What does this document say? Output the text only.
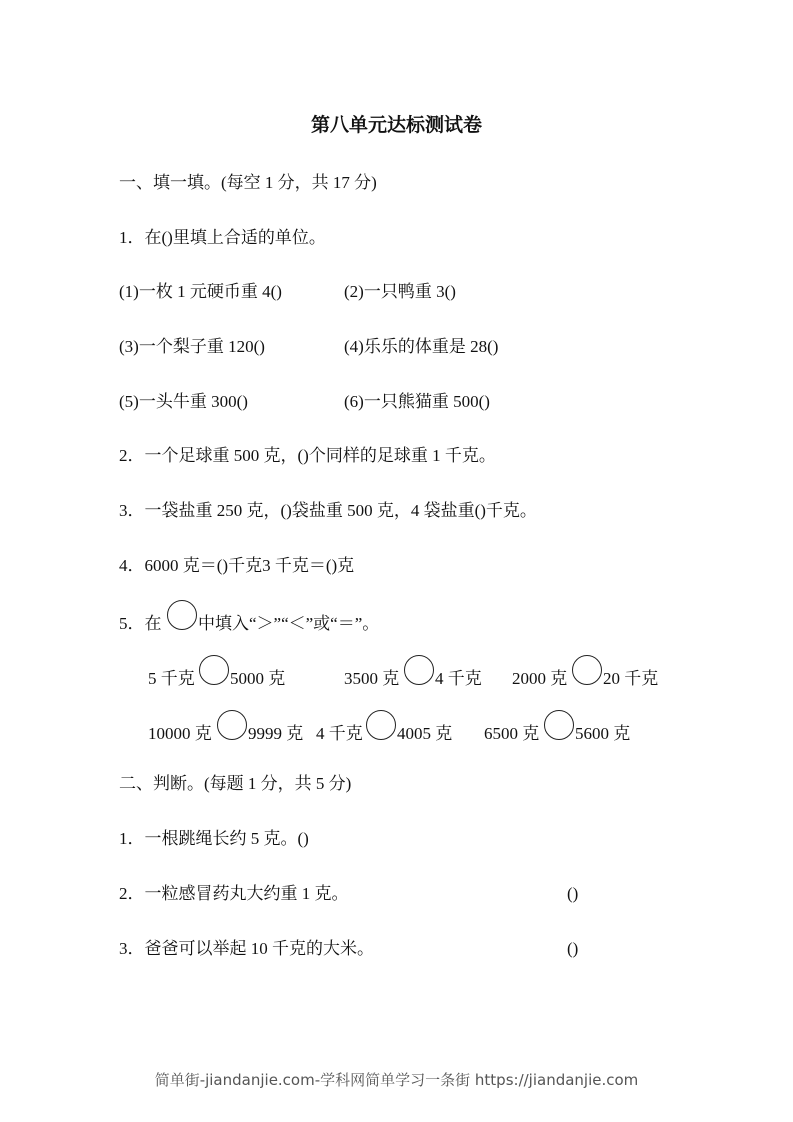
第八单元达标测试卷
一、填一填。(每空 1 分，共 17 分)
1．在()里填上合适的单位。
(1)一枚 1 元硬币重 4()	(2)一只鸭重 3()
(3)一个梨子重 120()	(4)乐乐的体重是 28()
(5)一头牛重 300()	(6)一只熊猫重 500()
2．一个足球重 500 克，()个同样的足球重 1 千克。
3．一袋盐重 250 克，()袋盐重 500 克，4 袋盐重()千克。
4．6000 克＝()千克3 千克＝()克
5．在 中填入“＞”“＜”或“＝”。
5 千克 5000 克	3500 克 4 千克 2000 克 20 千克
10000 克 9999 克 4 千克 4005 克 6500 克 5600 克
二、判断。(每题 1 分，共 5 分)
1．一根跳绳长约 5 克。()
2．一粒感冒药丸大约重 1 克。	()
3．爸爸可以举起 10 千克的大米。	()
简单街-jiandanjie.com-学科网简单学习一条街 https://jiandanjie.com
